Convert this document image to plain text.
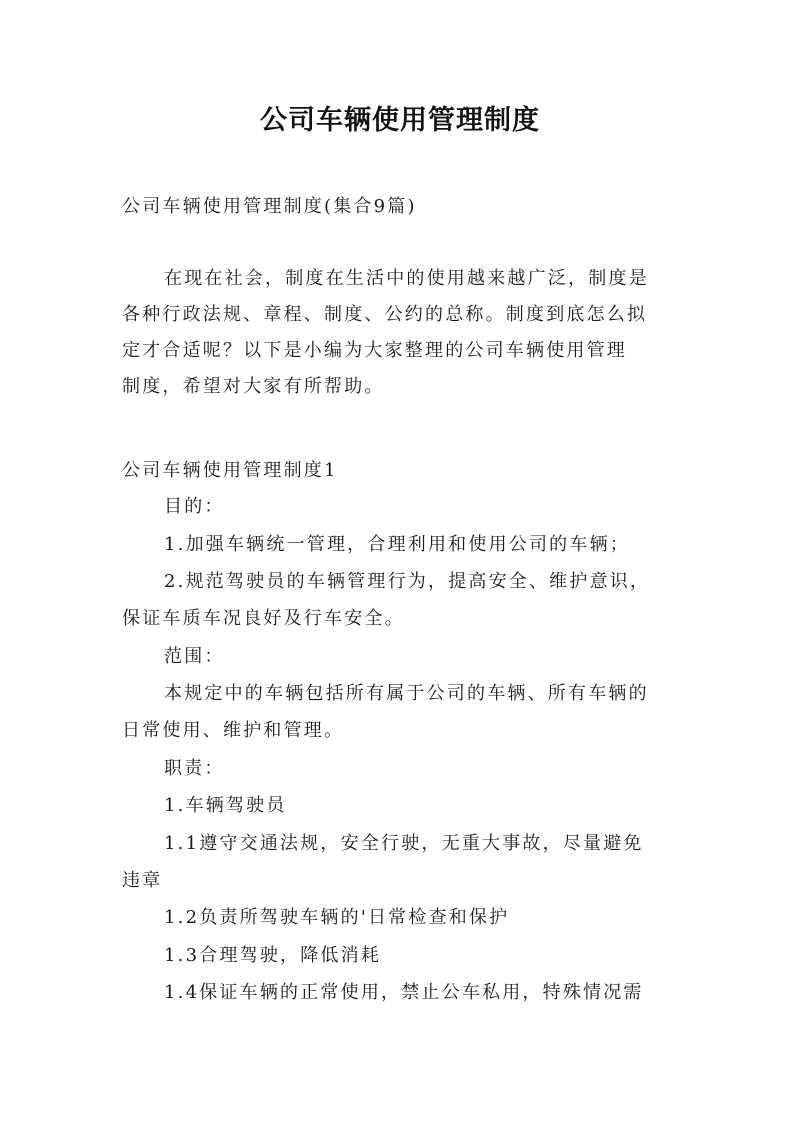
公司车辆使用管理制度
公司车辆使用管理制度(集合9篇)
在现在社会，制度在生活中的使用越来越广泛，制度是
各种行政法规、章程、制度、公约的总称。制度到底怎么拟
定才合适呢？以下是小编为大家整理的公司车辆使用管理
制度，希望对大家有所帮助。
公司车辆使用管理制度1
目的：
1.加强车辆统一管理，合理利用和使用公司的车辆；
2.规范驾驶员的车辆管理行为，提高安全、维护意识，
保证车质车况良好及行车安全。
范围：
本规定中的车辆包括所有属于公司的车辆、所有车辆的
日常使用、维护和管理。
职责：
1.车辆驾驶员
1.1遵守交通法规，安全行驶，无重大事故，尽量避免
违章
1.2负责所驾驶车辆的'日常检查和保护
1.3合理驾驶，降低消耗
1.4保证车辆的正常使用，禁止公车私用，特殊情况需
